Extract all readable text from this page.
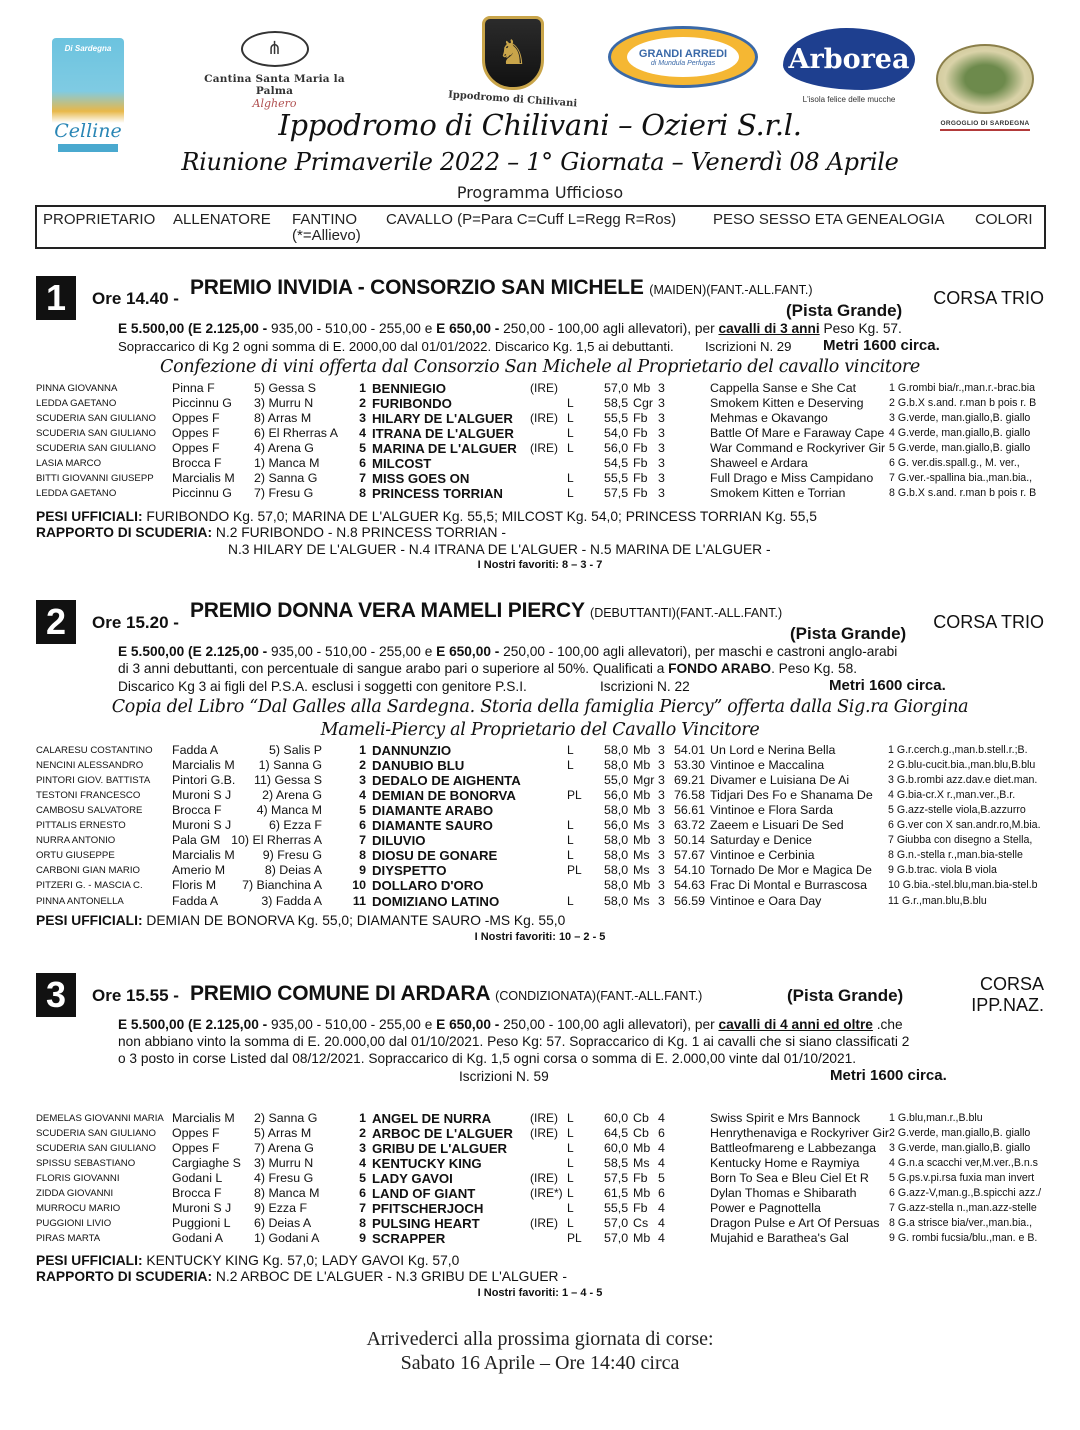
Di Sardegna
Celline
⋔
Cantina Santa Maria la Palma
Alghero
♞
Ippodromo di Chilivani
GRANDI ARREDI
di Mundula Perfugas	Arborea
L'isola felice delle mucche
ORGOGLIO DI SARDEGNA
Ippodromo di Chilivani – Ozieri S.r.l.
Riunione Primaverile 2022 – 1° Giornata – Venerdì 08 Aprile
Programma Ufficioso
PROPRIETARIO ALLENATORE FANTINO
(*=Allievo)
CAVALLO (P=Para C=Cuff L=Regg R=Ros) PESO SESSO ETA GENEALOGIA COLORI
1	Ore 14.40 - PREMIO INVIDIA - CONSORZIO SAN MICHELE (MAIDEN)(FANT.-ALL.FANT.)	CORSA TRIO
(Pista Grande)
E 5.500,00 (E 2.125,00 - 935,00 - 510,00 - 255,00 e E 650,00 - 250,00 - 100,00 agli allevatori), per cavalli di 3 anni Peso Kg. 57.
Sopraccarico di Kg 2 ogni somma di E. 2000,00 dal 01/01/2022. Discarico Kg. 1,5 ai debuttanti. Iscrizioni N. 29 Metri 1600 circa.
Confezione di vini offerta dal Consorzio San Michele al Proprietario del cavallo vincitore
PINNA GIOVANNA	Pinna F	5) Gessa S	1 BENNIEGIO	(IRE)	57,0 Mb 3	Cappella Sanse e She Cat	1 G.rombi bia/r.,man.r.-brac.bia
LEDDA GAETANO	Piccinnu G 3) Murru N	2 FURIBONDO	L 58,5 Cgr 3	Smokem Kitten e Deserving 2 G.b.X s.and. r.man b pois r. B
SCUDERIA SAN GIULIANO Oppes F	8) Arras M	3 HILARY DE L'ALGUER (IRE) L 55,5 Fb 3	Mehmas e Okavango	3 G.verde, man.giallo,B. giallo
SCUDERIA SAN GIULIANO Oppes F	6) El Rherras A	4 ITRANA DE L'ALGUER	L 54,0 Fb 3	Battle Of Mare e Faraway Cape 4 G.verde, man.giallo,B. giallo
SCUDERIA SAN GIULIANO Oppes F	4) Arena G	5 MARINA DE L'ALGUER (IRE) L 56,0 Fb 3	War Command e Rockyriver Gir 5 G.verde, man.giallo,B. giallo
LASIA MARCO	Brocca F	1) Manca M	6 MILCOST	54,5 Fb 3	Shaweel e Ardara	6 G. ver.dis.spall.g., M. ver.,
BITTI GIOVANNI GIUSEPP Marcialis M 2) Sanna G	7 MISS GOES ON	L 55,5 Fb 3	Full Drago e Miss Campidano 7 G.ver.-spallina bia.,man.bia.,
LEDDA GAETANO	Piccinnu G 7) Fresu G	8 PRINCESS TORRIAN	L 57,5 Fb 3	Smokem Kitten e Torrian	8 G.b.X s.and. r.man b pois r. B
PESI UFFICIALI: FURIBONDO Kg. 57,0; MARINA DE L'ALGUER Kg. 55,5; MILCOST Kg. 54,0; PRINCESS TORRIAN Kg. 55,5
RAPPORTO DI SCUDERIA: N.2 FURIBONDO - N.8 PRINCESS TORRIAN -
N.3 HILARY DE L'ALGUER - N.4 ITRANA DE L'ALGUER - N.5 MARINA DE L'ALGUER -
I Nostri favoriti: 8 – 3 - 7
2	Ore 15.20 -
PREMIO DONNA VERA MAMELI PIERCY (DEBUTTANTI)(FANT.-ALL.FANT.)	CORSA TRIO
(Pista Grande)
E 5.500,00 (E 2.125,00 - 935,00 - 510,00 - 255,00 e E 650,00 - 250,00 - 100,00 agli allevatori), per maschi e castroni anglo-arabi
di 3 anni debuttanti, con percentuale di sangue arabo pari o superiore al 50%. Qualificati a FONDO ARABO. Peso Kg. 58.
Discarico Kg 3 ai figli del P.S.A. esclusi i soggetti con genitore P.S.I.	Iscrizioni N. 22	Metri 1600 circa.
Copia del Libro “Dal Galles alla Sardegna. Storia della famiglia Piercy” offerta dalla Sig.ra Giorgina
Mameli-Piercy al Proprietario del Cavallo Vincitore
CALARESU COSTANTINO Fadda A	5) Salis P	1 DANNUNZIO	L 58,0 Mb 3 54.01 Un Lord e Nerina Bella	1 G.r.cerch.g.,man.b.stell.r.;B.
NENCINI ALESSANDRO Marcialis M 1) Sanna G	2 DANUBIO BLU	L 58,0 Mb 3 53.30 Vintinoe e Maccalina	2 G.blu-cucit.bia.,man.blu,B.blu
PINTORI GIOV. BATTISTA Pintori G.B. 11) Gessa S	3 DEDALO DE AIGHENTA	55,0 Mgr 3 69.21 Divamer e Luisiana De Ai	3 G.b.rombi azz.dav.e diet.man.
TESTONI FRANCESCO	Muroni S J 2) Arena G	4 DEMIAN DE BONORVA	PL 56,0 Mb 3 76.58 Tidjari Des Fo e Shanama De 4 G.bia-cr.X r.,man.ver.,B.r.
CAMBOSU SALVATORE Brocca F	4) Manca M	5 DIAMANTE ARABO	58,0 Mb 3 56.61 Vintinoe e Flora Sarda	5 G.azz-stelle viola,B.azzurro
PITTALIS ERNESTO	Muroni S J	6) Ezza F	6 DIAMANTE SAURO	L 56,0 Ms 3 63.72 Zaeem e Lisuari De Sed	6 G.ver con X san.andr.ro,M.bia.
NURRA ANTONIO	Pala GM 10) El Rherras A	7 DILUVIO	L 58,0 Mb 3 50.14 Saturday e Denice	7 Giubba con disegno a Stella,
ORTU GIUSEPPE	Marcialis M 9) Fresu G	8 DIOSU DE GONARE	L 58,0 Ms 3 57.67 Vintinoe e Cerbinia	8 G.n.-stella r.,man.bia-stelle
CARBONI GIAN MARIO	Amerio M	8) Deias A	9 DIYSPETTO	PL 58,0 Ms 3 54.10 Tornado De Mor e Magica De 9 G.b.trac. viola B viola
PITZERI G. - MASCIA C. Floris M 7) Bianchina A 10 DOLLARO D'ORO	58,0 Mb 3 54.63 Frac Di Montal e Burrascosa 10 G.bia.-stel.blu,man.bia-stel.b
PINNA ANTONELLA	Fadda A	3) Fadda A 11 DOMIZIANO LATINO	L 58,0 Ms 3 56.59 Vintinoe e Oara Day	11 G.r.,man.blu,B.blu
PESI UFFICIALI: DEMIAN DE BONORVA Kg. 55,0; DIAMANTE SAURO -MS Kg. 55,0
I Nostri favoriti: 10 – 2 - 5
3	Ore 15.55 - PREMIO COMUNE DI ARDARA (CONDIZIONATA)(FANT.-ALL.FANT.)	(Pista Grande)
CORSA
IPP.NAZ.
E 5.500,00 (E 2.125,00 - 935,00 - 510,00 - 255,00 e E 650,00 - 250,00 - 100,00 agli allevatori), per cavalli di 4 anni ed oltre .che
non abbiano vinto la somma di E. 20.000,00 dal 01/10/2021. Peso Kg: 57. Sopraccarico di Kg. 1 ai cavalli che si siano classificati 2
o 3 posto in corse Listed dal 08/12/2021. Sopraccarico di Kg. 1,5 ogni corsa o somma di E. 2.000,00 vinte dal 01/10/2021.
Iscrizioni N. 59	Metri 1600 circa.
DEMELAS GIOVANNI MARIA Marcialis M 2) Sanna G	1 ANGEL DE NURRA	(IRE) L 60,0 Cb 4	Swiss Spirit e Mrs Bannock	1 G.blu,man.r.,B.blu
SCUDERIA SAN GIULIANO Oppes F	5) Arras M	2 ARBOC DE L'ALGUER (IRE) L 64,5 Cb 6	Henrythenaviga e Rockyriver Gir 2 G.verde, man.giallo,B. giallo
SCUDERIA SAN GIULIANO Oppes F	7) Arena G	3 GRIBU DE L'ALGUER	L 60,0 Mb 4	Battleofmareng e Labbezanga 3 G.verde, man.giallo,B. giallo
SPISSU SEBASTIANO	Cargiaghe S 3) Murru N	4 KENTUCKY KING	L 58,5 Ms 4	Kentucky Home e Raymiya	4 G.n.a scacchi ver,M.ver.,B.n.s
FLORIS GIOVANNI	Godani L	4) Fresu G	5 LADY GAVOI	(IRE) L 57,5 Fb 5	Born To Sea e Bleu Ciel Et R 5 G.ps.v.pi.rsa fuxia man invert
ZIDDA GIOVANNI	Brocca F	8) Manca M	6 LAND OF GIANT	(IRE*) L 61,5 Mb 6	Dylan Thomas e Shibarath	6 G.azz-V,man.g.,B.spicchi azz./
MURROCU MARIO	Muroni S J 9) Ezza F	7 PFITSCHERJOCH	L 55,5 Fb 4	Power e Pagnottella	7 G.azz-stella n.,man.azz-stelle
PUGGIONI LIVIO	Puggioni L 6) Deias A	8 PULSING HEART	(IRE) L 57,0 Cs 4	Dragon Pulse e Art Of Persuas 8 G.a strisce bia/ver.,man.bia.,
PIRAS MARTA	Godani A	1) Godani A	9 SCRAPPER	PL 57,0 Mb 4	Mujahid e Barathea's Gal	9 G. rombi fucsia/blu.,man. e B.
PESI UFFICIALI: KENTUCKY KING Kg. 57,0; LADY GAVOI Kg. 57,0
RAPPORTO DI SCUDERIA: N.2 ARBOC DE L'ALGUER - N.3 GRIBU DE L'ALGUER -
I Nostri favoriti: 1 – 4 - 5
Arrivederci alla prossima giornata di corse:
Sabato 16 Aprile – Ore 14:40 circa
